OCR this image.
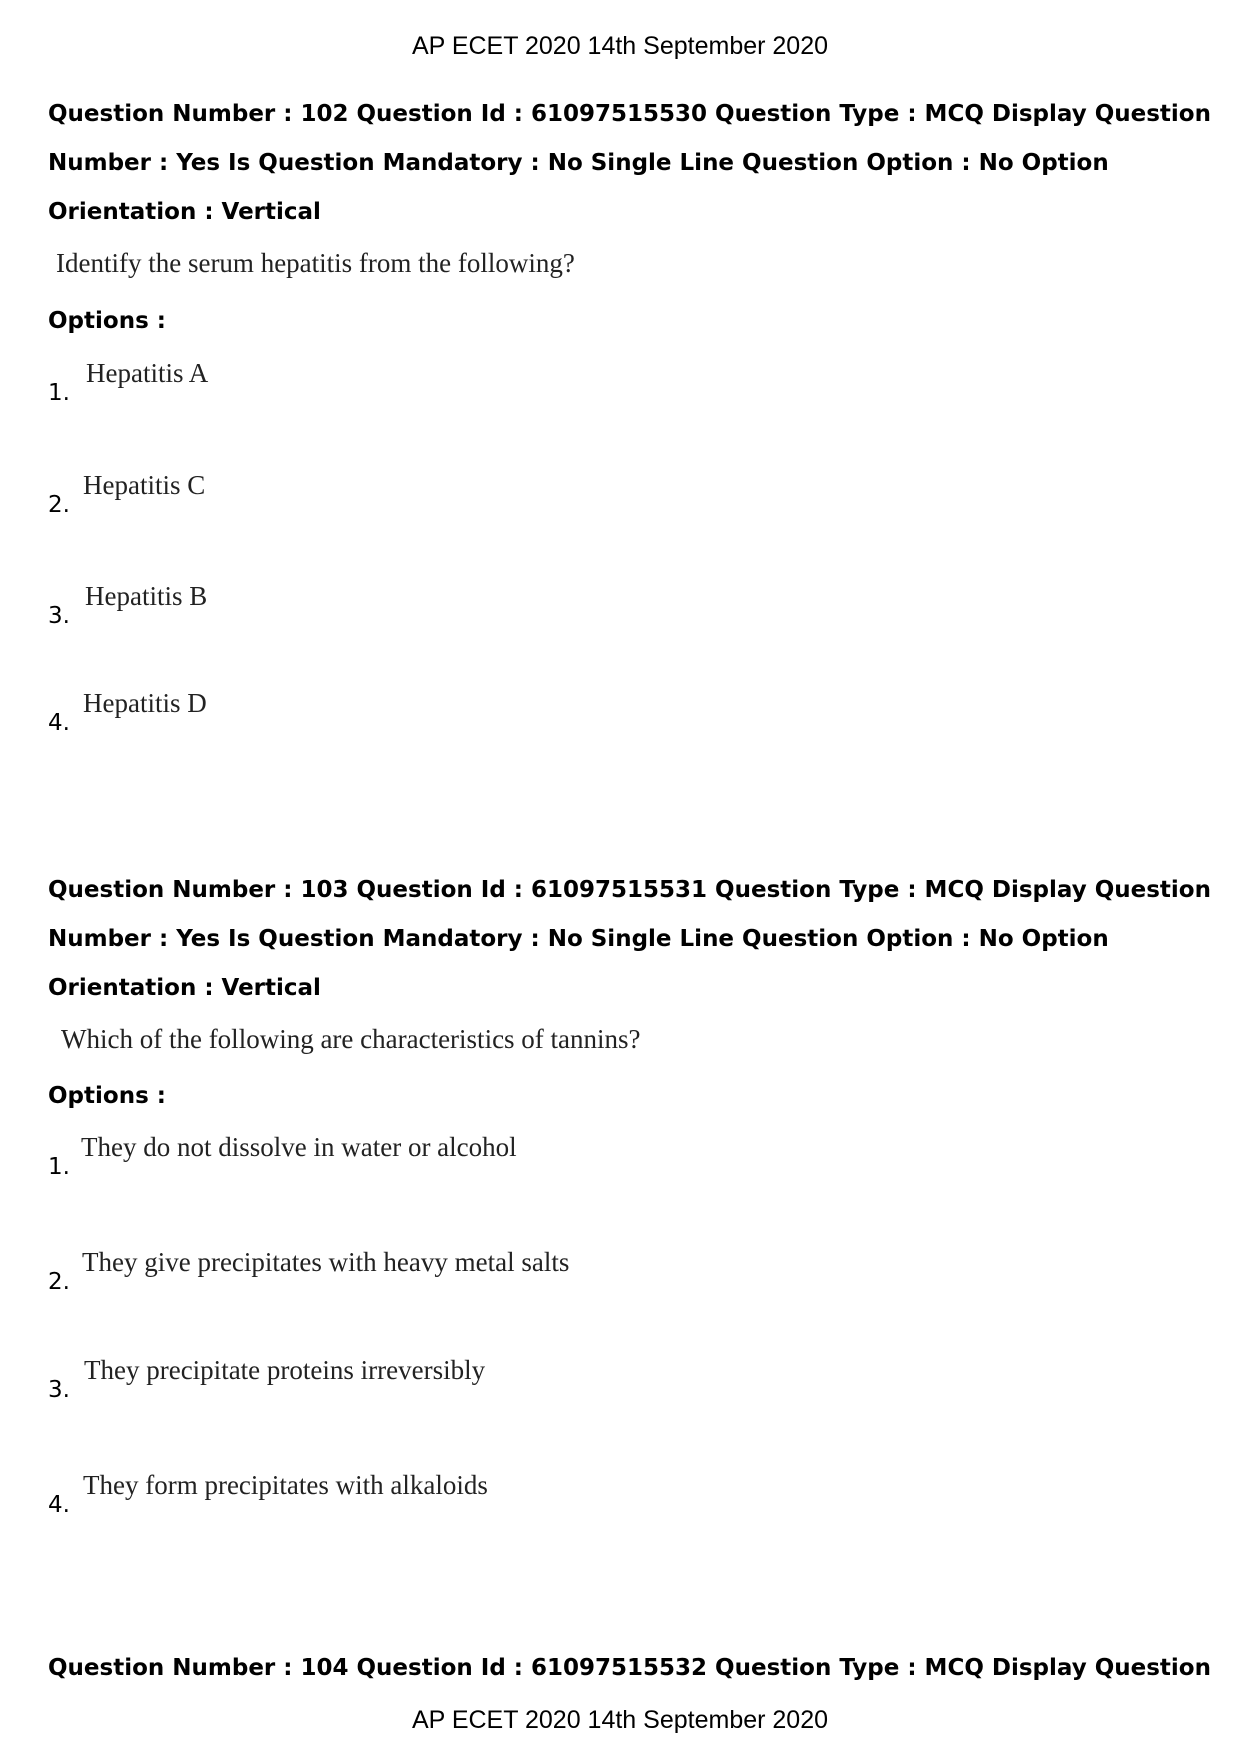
AP ECET 2020 14th September 2020
Question Number : 102 Question Id : 61097515530 Question Type : MCQ Display Question
Number : Yes Is Question Mandatory : No Single Line Question Option : No Option
Orientation : Vertical
Identify the serum hepatitis from the following?
Options :
1.
Hepatitis A
2.
Hepatitis C
3.
Hepatitis B
4.
Hepatitis D
Question Number : 103 Question Id : 61097515531 Question Type : MCQ Display Question
Number : Yes Is Question Mandatory : No Single Line Question Option : No Option
Orientation : Vertical
Which of the following are characteristics of tannins?
Options :
1.
They do not dissolve in water or alcohol
2.
They give precipitates with heavy metal salts
3.
They precipitate proteins irreversibly
4.
They form precipitates with alkaloids
Question Number : 104 Question Id : 61097515532 Question Type : MCQ Display Question
AP ECET 2020 14th September 2020
